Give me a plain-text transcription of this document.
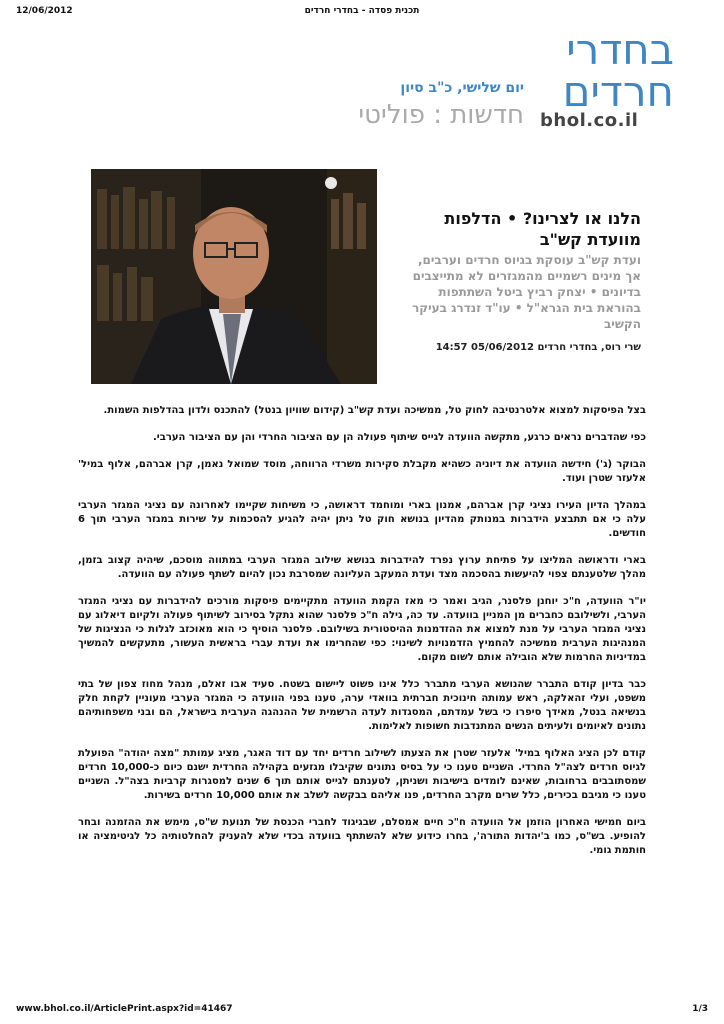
12/06/2012	תכנית פסדה - בחדרי חרדים
בחדרי
חרדים
bhol.co.il
יום שלישי, כ"ב סיון
חדשות : פוליטי
הלנו או לצרינו? • הדלפות מוועדת קש"ב
ועדת קש"ב עוסקת בגיוס חרדים וערבים, אך מינים רשמיים מהמגזרים לא מתייצבים בדיונים • יצחק רביץ ביטל השתתפות בהוראת בית הגרא"ל • עו"ד זנדרג בעיקר הקשיב
שרי רוס, בחדרי חרדים 05/06/2012 14:57

בצל הפיסקות למצוא אלטרנטיבה לחוק טל, ממשיכה ועדת קש"ב (קידום שוויון בנטל) להתכנס ולדון בהדלפות השמות.

כפי שהדברים נראים כרגע, מתקשה הוועדה לגייס שיתוף פעולה הן עם הציבור החרדי והן עם הציבור הערבי.

הבוקר (ג') חידשה הוועדה את דיוניה כשהיא מקבלת סקירות משרדי הרווחה, מוסד שמואל נאמן, קרן אברהם, אלוף במיל' אלעזר שטרן ועוד.

במהלך הדיון העירו נציגי קרן אברהם, אמנון בארי ומוחמד דראושה, כי משיחות שקיימו לאחרונה עם נציגי המגזר הערבי עלה כי אם תתבצע הידברות במנותק מהדיון בנושא חוק טל ניתן יהיה להגיע להסכמות על שירות במגזר הערבי תוך 6 חודשים.

בארי ודראושה המליצו על פתיחת ערוץ נפרד להידברות בנושא שילוב המגזר הערבי במתווה מוסכם, שיהיה קצוב בזמן, מהלך שלטענתם צפוי להיעשות בהסכמה מצד ועדת המעקב העליונה שמסרבת נכון להיום לשתף פעולה עם הוועדה.

יו"ר הוועדה, ח"כ יוחנן פלסנר, הגיב ואמר כי מאז הקמת הוועדה מתקיימים פיסקות מורכים להידברות עם נציגי המגזר הערבי, ולשילובם כחברים מן המניין בוועדה. עד כה, גילה ח"כ פלסנר שהוא נתקל בסירוב לשיתוף פעולה ולקיום דיאלוג עם נציגי המגזר הערבי על מנת למצוא את ההזדמנות ההיסטורית בשילובם. פלסנר הוסיף כי הוא מאוכזב לגלות כי הנציגות של המנהיגות הערבית ממשיכה להחמיץ הזדמנויות לשינוי: כפי שהחרימו את ועדת עברי בראשית העשור, מתעקשים להמשיך במדיניות החרמות שלא הובילה אותם לשום מקום.

כבר בדיון קודם התברר שהנושא הערבי מתברר כלל אינו פשוט ליישום בשטח. סעיד אבו זאלם, מנהל מחוז צפון של בתי משפט, ועלי זהאלקה, ראש עמותה חינוכית חברתית בוואדי ערה, טענו בפני הוועדה כי המגזר הערבי מעוניין לקחת חלק בנשיאה בנטל, מאידך סיפרו כי בשל עמדתם, המסגדות לעדה הרשמית של ההנהגה הערבית בישראל, הם ובני משפחותיהם נתונים לאיומים ולעיתים הנשים המתנדבות חשופות לאלימות.

קודם לכן הציג האלוף במיל' אלעזר שטרן את הצעתו לשילוב חרדים יחד עם דוד האגר, מציג עמותת "מצה יהודה" הפועלת לגיוס חרדים לצה"ל החרדי. השניים טענו כי על בסיס נתונים שקיבלו מגזעים בקהילה החרדית ישנם כיום כ-10,000 חרדים שמסתובבים ברחובות, שאינם לומדים בישיבות ושניתן, לטענתם לגייס אותם תוך 6 שנים למסגרות קרביות בצה"ל. השניים טענו כי מגיבם בכירים, כלל שרים מקרב החרדים, פנו אליהם בבקשה לשלב את אותם 10,000 חרדים בשירות.

ביום חמישי האחרון הוזמן אל הוועדה ח"כ חיים אמסלם, שבגיגוד לחברי הכנסת של תנועת ש"ס, מימש את ההזמנה ובחר להופיע. בש"ס, כמו ב'יהדות התורה', בחרו כידוע שלא להשתתף בוועדה בכדי שלא להעניק להחלטותיה כל לגיטימציה או חותמת גומי.

www.bhol.co.il/ArticlePrint.aspx?id=41467	1/3
